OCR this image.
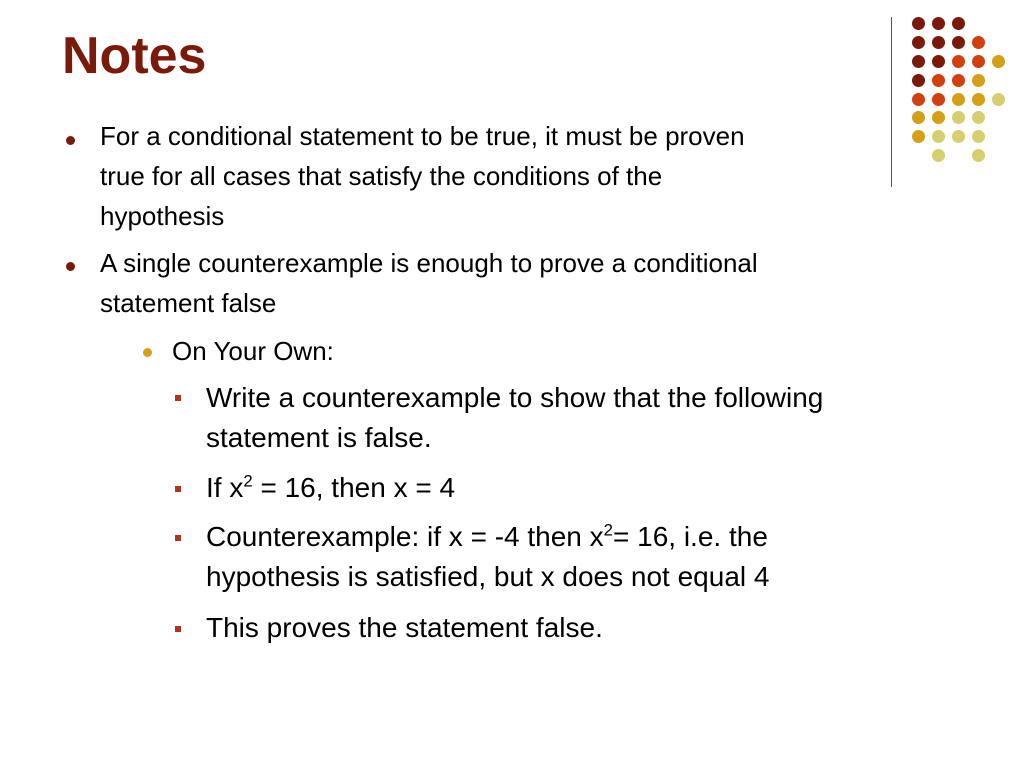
Notes

For a conditional statement to be true, it must be proven
true for all cases that satisfy the conditions of the
hypothesis

A single counterexample is enough to prove a conditional
statement false

On Your Own:

Write a counterexample to show that the following
statement is false.

If $x^2 = 16$, then x = 4

Counterexample: if x = -4 then $x^2= 16$, i.e. the
hypothesis is satisfied, but x does not equal 4

This proves the statement false.
